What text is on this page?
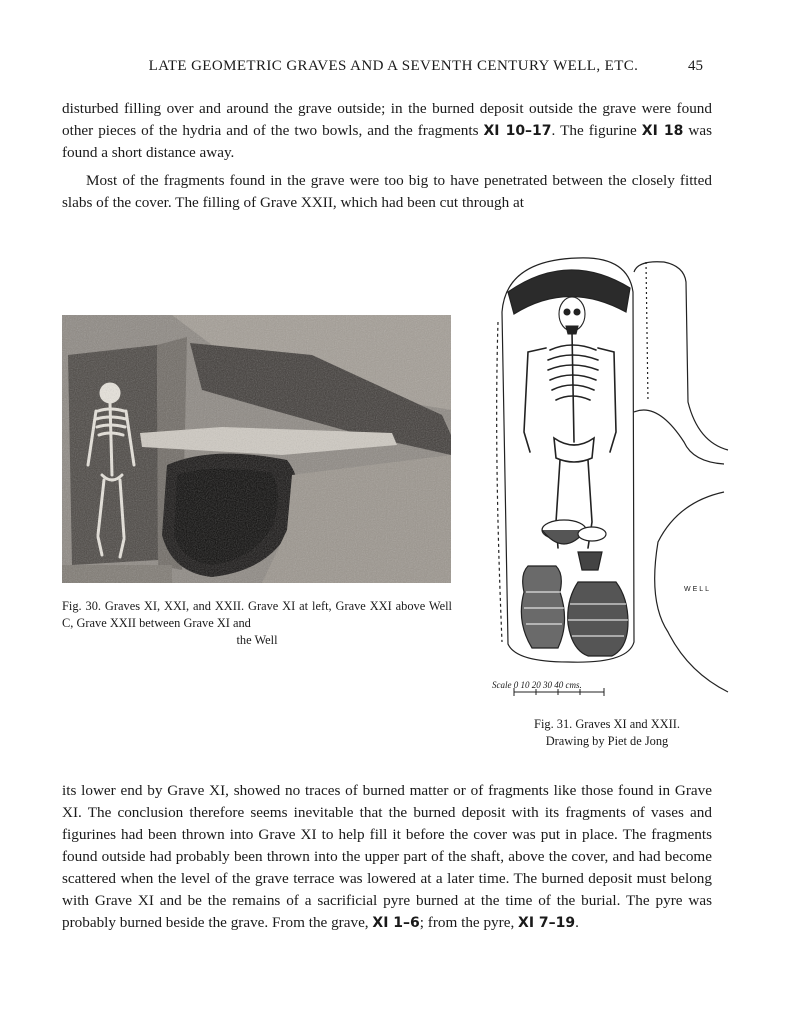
LATE GEOMETRIC GRAVES AND A SEVENTH CENTURY WELL, ETC.	45
disturbed filling over and around the grave outside; in the burned deposit outside the grave were found other pieces of the hydria and of the two bowls, and the fragments XI 10–17. The figurine XI 18 was found a short distance away.
Most of the fragments found in the grave were too big to have penetrated between the closely fitted slabs of the cover. The filling of Grave XXII, which had been cut through at
Fig. 30. Graves XI, XXI, and XXII. Grave XI at left, Grave XXI above Well C, Grave XXII between Grave XI and
the Well
WELL
Scale 0 10 20 30 40 cms.
Fig. 31. Graves XI and XXII.
Drawing by Piet de Jong
its lower end by Grave XI, showed no traces of burned matter or of fragments like those found in Grave XI. The conclusion therefore seems inevitable that the burned deposit with its fragments of vases and figurines had been thrown into Grave XI to help fill it before the cover was put in place. The fragments found outside had probably been thrown into the upper part of the shaft, above the cover, and had become scattered when the level of the grave terrace was lowered at a later time. The burned deposit must belong with Grave XI and be the remains of a sacrificial pyre burned at the time of the burial. The pyre was probably burned beside the grave. From the grave, XI 1–6; from the pyre, XI 7–19.
